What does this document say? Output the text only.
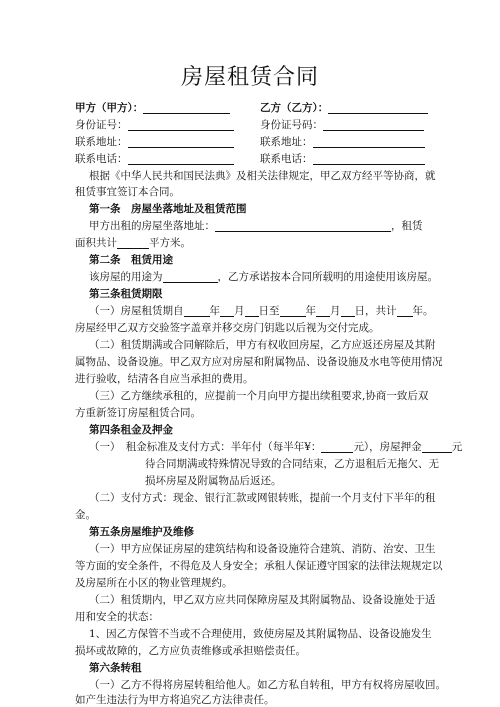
房屋租赁合同
甲方（甲方）：	乙方（乙方）：
身份证号：	身份证号码：
联系地址：	联系地址：
联系电话：	联系电话：
根据《中华人民共和国民法典》及相关法律规定，甲乙双方经平等协商，就
租赁事宜签订本合同。
第一条　房屋坐落地址及租赁范围
甲方出租的房屋坐落地址：	，租赁
面积共计	平方米。
第二条　租赁用途
该房屋的用途为	，乙方承诺按本合同所载明的用途使用该房屋。
第三条租赁期限
（一）房屋租赁期自 年 月 日至 年 月 日，共计 年。
房屋经甲乙双方交验签字盖章并移交房门钥匙以后视为交付完成。
（二）租赁期满或合同解除后，甲方有权收回房屋，乙方应返还房屋及其附
属物品、设备设施。甲乙双方应对房屋和附属物品、设备设施及水电等使用情况
进行验收，结清各自应当承担的费用。
（三）乙方继续承租的，应提前一个月向甲方提出续租要求,协商一致后双
方重新签订房屋租赁合同。
第四条租金及押金
（一）　租金标准及支付方式：半年付（每半年¥：	元），房屋押金	元
待合同期满或特殊情况导致的合同结束，乙方退租后无拖欠、无
损坏房屋及附属物品后返还。
（二）支付方式：现金、银行汇款或网银转账，提前一个月支付下半年的租
金。
第五条房屋维护及维修
（一）甲方应保证房屋的建筑结构和设备设施符合建筑、消防、治安、卫生
等方面的安全条件，不得危及人身安全；承租人保证遵守国家的法律法规规定以
及房屋所在小区的物业管理规约。
（二）租赁期内，甲乙双方应共同保障房屋及其附属物品、设备设施处于适
用和安全的状态：
1、因乙方保管不当或不合理使用，致使房屋及其附属物品、设备设施发生
损坏或故障的，乙方应负责维修或承担赔偿责任。
第六条转租
（一）乙方不得将房屋转租给他人。如乙方私自转租，甲方有权将房屋收回。
如产生违法行为甲方将追究乙方法律责任。
